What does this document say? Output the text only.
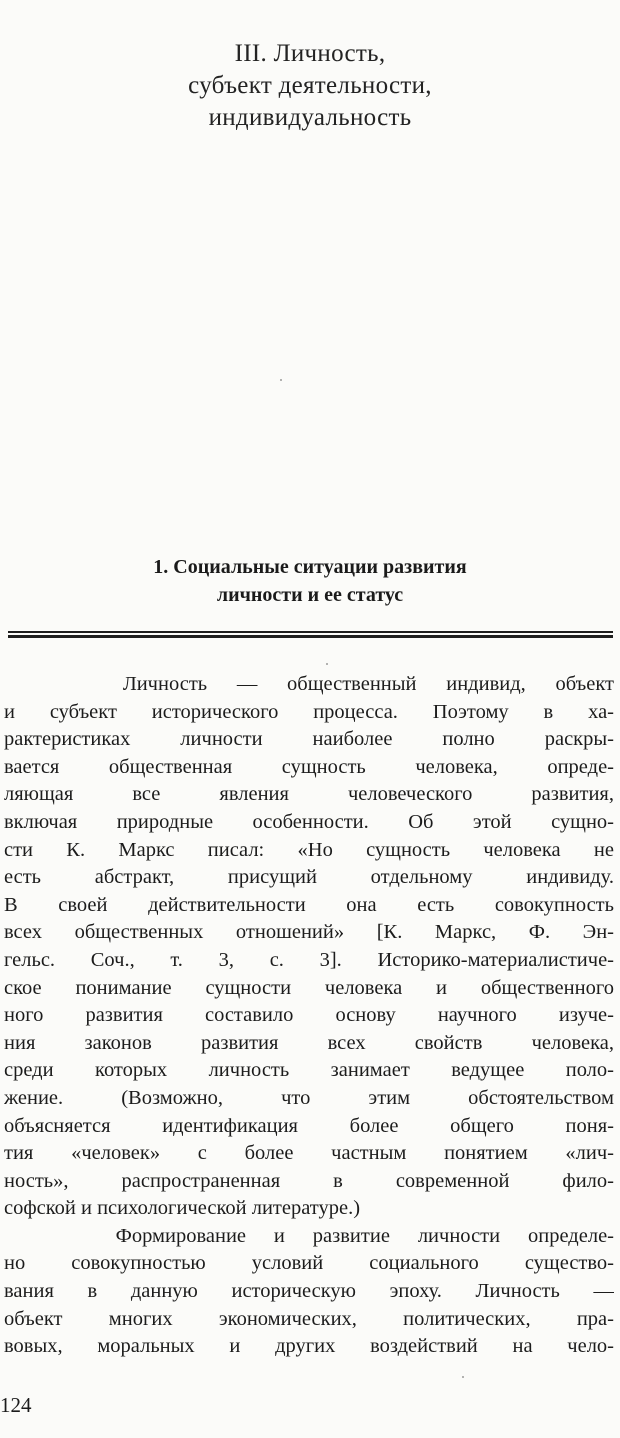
III. Личность,
субъект деятельности,
индивидуальность
1. Социальные ситуации развития
личности и ее статус
Личность — общественный индивид, объект
и субъект исторического процесса. Поэтому в ха-
рактеристиках личности наиболее полно раскры-
вается общественная сущность человека, опреде-
ляющая все явления человеческого развития,
включая природные особенности. Об этой сущно-
сти К. Маркс писал: «Но сущность человека не
есть абстракт, присущий отдельному индивиду.
В своей действительности она есть совокупность
всех общественных отношений» [К. Маркс, Ф. Эн-
гельс. Соч., т. 3, с. 3]. Историко-материалистиче-
ское понимание сущности человека и общественного
ного развития составило основу научного изуче-
ния законов развития всех свойств человека,
среди которых личность занимает ведущее поло-
жение. (Возможно, что этим обстоятельством
объясняется идентификация более общего поня-
тия «человек» с более частным понятием «лич-
ность», распространенная в современной фило-
софской и психологической литературе.)
Формирование и развитие личности определе-
но совокупностью условий социального существо-
вания в данную историческую эпоху. Личность —
объект многих экономических, политических, пра-
вовых, моральных и других воздействий на чело-
124
